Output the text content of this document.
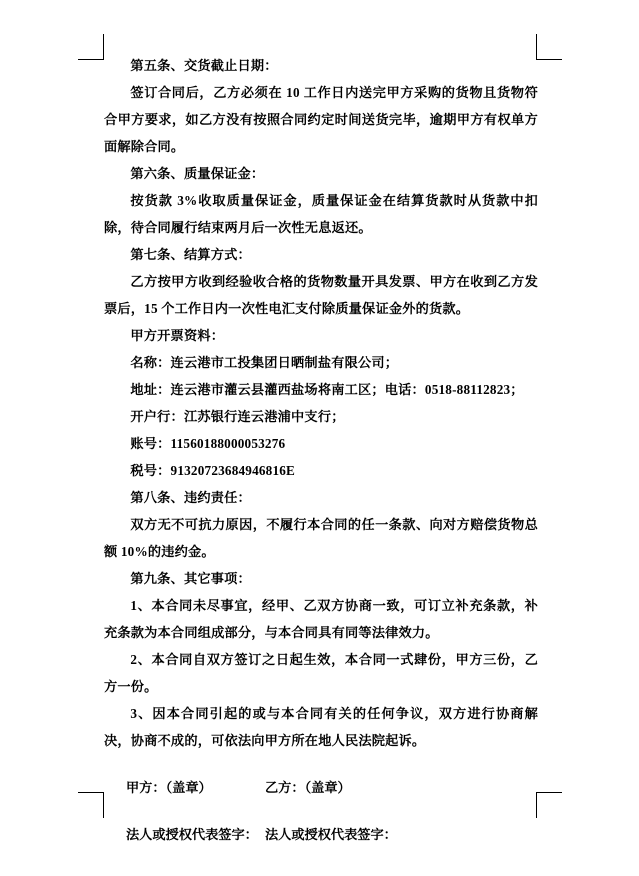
第五条、交货截止日期：

签订合同后，乙方必须在 10 工作日内送完甲方采购的货物且货物符合甲方要求，如乙方没有按照合同约定时间送货完毕，逾期甲方有权单方面解除合同。

第六条、质量保证金：

按货款 3%收取质量保证金，质量保证金在结算货款时从货款中扣除，待合同履行结束两月后一次性无息返还。

第七条、结算方式：

乙方按甲方收到经验收合格的货物数量开具发票、甲方在收到乙方发票后，15 个工作日内一次性电汇支付除质量保证金外的货款。

甲方开票资料：

名称：连云港市工投集团日晒制盐有限公司；

地址：连云港市灌云县灌西盐场将南工区；电话：0518-88112823；

开户行：江苏银行连云港浦中支行；

账号：11560188000053276

税号：91320723684946816E

第八条、违约责任：

双方无不可抗力原因，不履行本合同的任一条款、向对方赔偿货物总额 10%的违约金。

第九条、其它事项：

1、本合同未尽事宜，经甲、乙双方协商一致，可订立补充条款，补充条款为本合同组成部分，与本合同具有同等法律效力。

2、本合同自双方签订之日起生效，本合同一式肆份，甲方三份，乙方一份。

3、因本合同引起的或与本合同有关的任何争议，双方进行协商解决，协商不成的，可依法向甲方所在地人民法院起诉。

甲方：（盖章）	乙方：（盖章）
法人或授权代表签字： 法人或授权代表签字：
